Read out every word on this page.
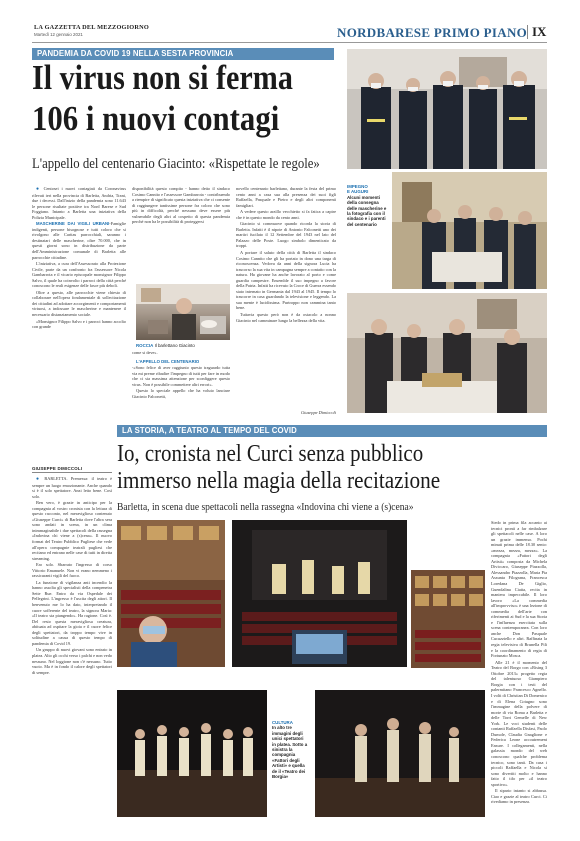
LA GAZZETTA DEL MEZZOGIORNO
Martedì 12 gennaio 2021	NORDBARESE PRIMO PIANO IX
PANDEMIA DA COVID 19 NELLA SESTA PROVINCIA
Il virus non si ferma
106 i nuovi contagi
L'appello del centenario Giacinto: «Rispettate le regole»

● Centosei i nuovi contagiati da Coronavirus rilevati ieri nella provincia di Barletta, Andria, Trani, due i decessi. Dall'inizio della pandemia sono 11.643 le persone risultate positive tra Nord Barese e Sud Foggiano. Intanto a Barletta una iniziativa della Polizia Municipale.

MASCHERINE DAI VIGILI URBANI-Famiglie indigenti, persone bisognose e tutti coloro che si rivolgono alle Caritas parrocchiali, saranno i destinatari delle mascherine, oltre 70.000, che in questi giorni sono in distribuzione da parte dell'Amministrazione comunale di Barletta alle parrocchie cittadine.

L'iniziativa, a cura dell'Assessorato alla Protezione Civile, parte da un confronto fra l'assessore Nicola Gambarrota e il vicario episcopale monsignor Filippo Salvo, il quale ha coinvolto i parroci della città perché conoscono le reali esigenze delle fasce più deboli.

Oltre a questo, alle parrocchie viene chiesto di collaborare nell'opera fondamentale di sollecitazione dei cittadini ad adottare accorgimenti e comportamenti virtuosi, a indossare le mascherine e mantenere il necessario distanziamento sociale.

«Monsignor Filippo Salvo e i parroci hanno accolto con grande

disponibilità questo compito - hanno detto il sindaco Cosimo Cannito e l'assessore Gambarrota - contribuendo a riempire di significato questa iniziativa che ci consente di raggiungere tantissime persone fra coloro che sono più in difficoltà, perché nessuno deve essere più vulnerabile degli altri al cospetto di questa pandemia perché non ha le possibilità di proteggersi

ROCCIA Il barlettano Giacinto

come si deve».

L'APPELLO DEL CENTENARIO

-«Sono felice di aver raggiunto questo traguardo tutta via mi preme ribadire l'impegno di tutti per fare in modo che ci sia massima attenzione per sconfiggere questo virus. Non è possibile commettere altri errori».

Questo lo speciale appello che ha voluto lanciare Giacinto Falconetti,

novello centenario barlettano, durante la festa del primo cento anni a casa sua alla presenza dei suoi figli Raffaella, Pasquale e Pietro e degli altri componenti famigliari.

A vedere questo arzillo vecchietto si fa fatica a capire che è in questo mondo da cento anni.

Giacinto si commuove quando ricorda la storia di Barletta. Infatti è il nipote di Antonio Falconetti uno dei martiri fucilato il 12 Settembre del 1943 nel lato del Palazzo delle Poste. Luogo simbolo dimenticato da troppi.

A portare il saluto della città di Barletta il sindaco Cosimo Cannito che gli ha portato in dono una targa di riconoscenza. Vedova da anni della signora Lucia ha trascorso la sua vita in campagna sempre a contatto con la natura. Ha giovane ha anche lavorato al porto e come guardia campestre. Ensemble il suo impegno a favore della Patria. Infatti ha ricevuto la Croce di Guerra essendo stato internato in Germania dal 1943 al 1945. Il tempo lo trascorre in casa guardando la televisione e leggendo. La sua mente è lucidissima. Purtroppo non cammina tanto bene.

Tuttavia questo però non è da ostacolo a nonno Giacinto nel camminare lungo la bellezza della vita.

Giuseppe Dimiccoli
IMPEGNO
E AUGURI
Alcuni momenti della consegna delle mascherine e la fotografia con il sindaco e i parenti del centenario
LA STORIA, A TEATRO AL TEMPO DEL COVID
Io, cronista nel Curci senza pubblico
immerso nella magia della recitazione
Barletta, in scena due spettacoli nella rassegna «Indovina chi viene a (s)cena»
GIUSEPPE DIMICCOLI

● BARLETTA. Premessa: il teatro è sempre un luogo emozionante. Anche quando si è il solo spettatore. Anzi letto bene. Così solo.

Ben vero, è grazie in anticipo per la compagnia al vostro cronista con la lettura di questo racconto, nel meraviglioso contenuto «Giuseppe Curci» di Barletta dove l'altra sera sono andati in scena, in un clima inimmaginabile i due spettacoli della rassegna «Indovina chi viene a (s)cena». Il nuovo format del Teatro Pubblico Pugliese che vede all'opera compagnie teatrali pugliesi che recitano ed entrano nelle case di tutti in diretta streaming.

Ero solo. Sbarrato l'ingresso di corso Vittorio Emanuele. Non vi erano nemmeno i rassicuranti vigili del fuoco.

La funzione di vigilanza anti incendio la hanno assolta gli specialisti della compenetra Sette Rue. Entro da via Ospedale dei Pellegrini. L'ingresso è l'uscita degli attori. Il benvenuto me lo ha dato, interpretando il cuore sofferente del teatro, la signora Maria: «Il teatro sta piangendo». Ha ragione. Così è. Del resto questa meravigliosa creatura, abituata ad ospitare la gioia e il cuore felice degli spettatori, da troppo tempo vive in solitudine a causa di questo tempo di pandemia di Covid 19.

Un gruppo di nuovi giovani sono entrato in platea. Alto gli occhi verso i palchi e non vedo nessuno. Nel loggione non c'è nessuno. Tutto vuoto. Ma è in fondo il calore degli spettatori di sempre.

CULTURA
In alto tre immagini degli unici spettatori in platea. Sotto a sinistra la compagnia «Fattori degli Artisti» e quella de il «Teatro dei Borgia»

Siedo in prima fila accanto ai tecnici pronti a far rimbalzare gli spettacoli nelle case. A loro un grazie immenso. Pochi minuti prima delle 18.30 sento: «mezza, mezza, mezza». La compagnia «Fattori degli Artisti» composta da Michela Diviccaro, Giuseppe Piazzolla, Alessandro Piazzolla, Maria Pia Assunta Filograna, Francesca Loredana De Giglio, Guendalina Ciatta, recita in maniera impeccabile. Il loro lavoro «La commedia all'improvviso» è una lezione di commedia dell'arte con riferimenti ai Sud e la sua Storia e l'influenza esercitata sulla scena contemporanea. Con loro anche Don Pasquale Cucuzziello e altri. Raffinata la regia televisiva di Brunella Pili e la coordinamento di regia di Fortunato Mosca.

Alle 21 è il momento del Teatro del Borgo con «Rising 3 Ottobre 2013» progetto regia del talentuoso Giampiero Borgia con i testi del palermitano Francesco Agnello. I volti di Christian Di Domenico e di Elena Cotugno sono l'immagine della polvere di morte di via Roma a Barletta e delle Torri Gemelle di New York. Le voci studenti delle contanti Raffaella Disfasi, Paolo Dumole, Claudia Gnaglione e Federica Leone accoutrement Ensure. I collegamenti, nella galassia mondo del web conoscono qualche problema tecnico, sono tanti. Da casa i piccoli Raffaella e Nicola si sono divertiti molto e hanno fatto il tifo per «il teatro sportivo».

Il sipario intanto si abbassa. Ciao e grazie al teatro Curci. Ci rivediamo in presenza.
